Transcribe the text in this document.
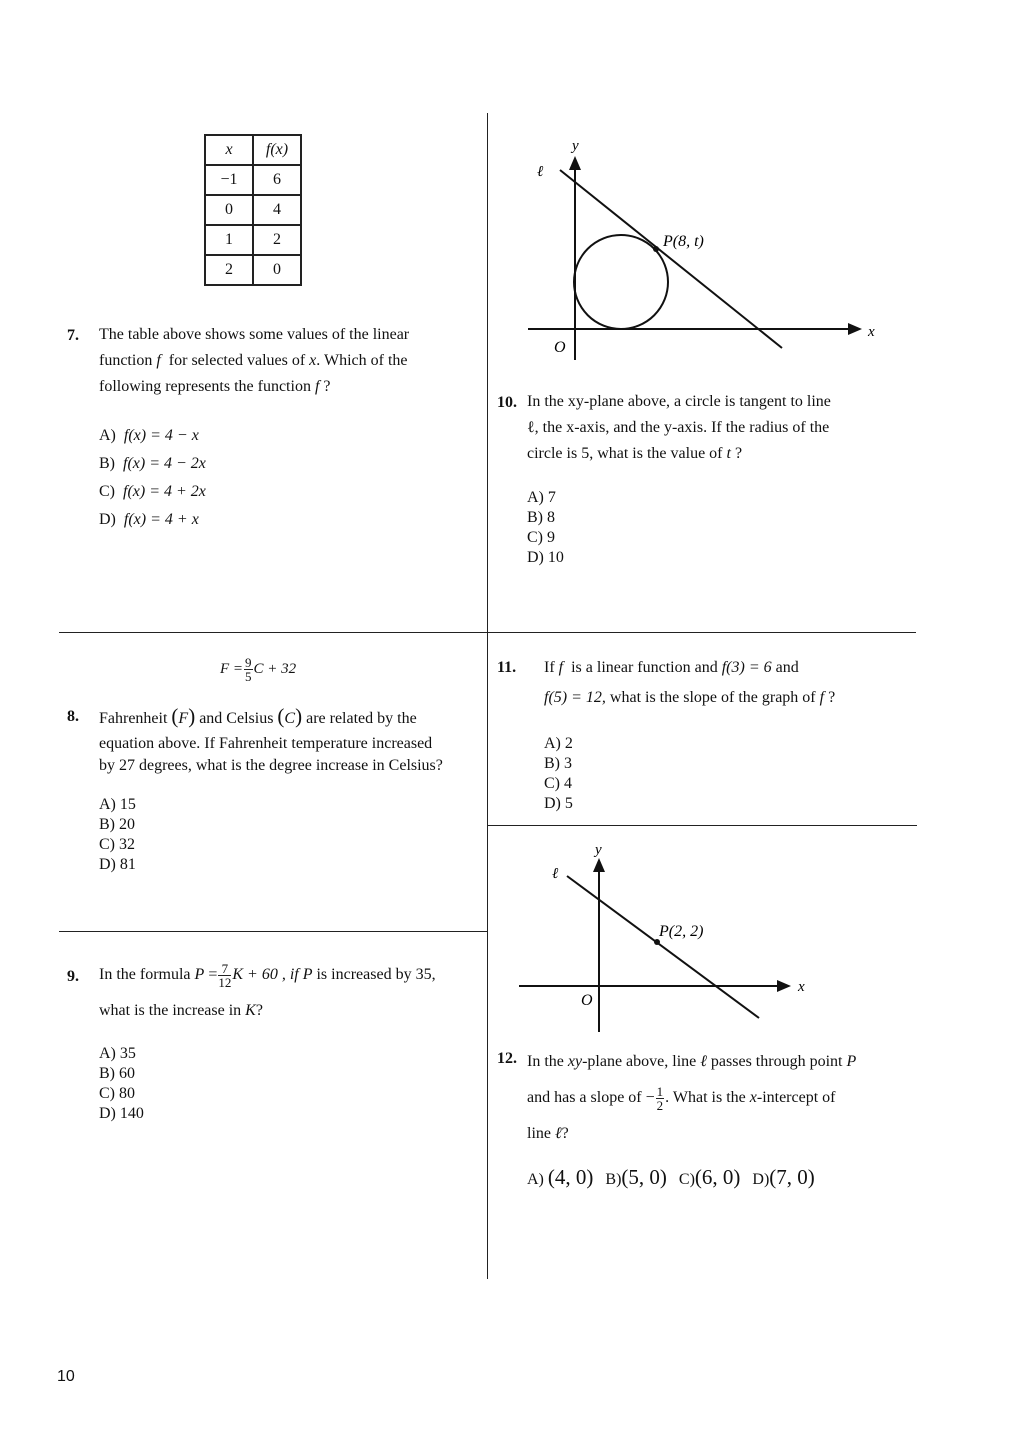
x	f(x)
−1	6
0	4
1	2
2	0
7. The table above shows some values of the linear
function f for selected values of x. Which of the
following represents the function f ?
A) f(x) = 4 − x
B) f(x) = 4 − 2x
C) f(x) = 4 + 2x
D) f(x) = 4 + x
y
ℓ
P(8, t)
x
O
10. In the xy-plane above, a circle is tangent to line
ℓ, the x-axis, and the y-axis. If the radius of the
circle is 5, what is the value of t ?
A) 7
B) 8
C) 9
D) 10
$F = \frac{9}{5}$ C + 32
8. Fahrenheit (F) and Celsius (C) are related by the
equation above. If Fahrenheit temperature increased
by 27 degrees, what is the degree increase in Celsius?
A) 15
B) 20
C) 32
D) 81
11. If f is a linear function and f(3) = 6 and
f(5) = 12, what is the slope of the graph of f ?
A) 2
B) 3
C) 4
D) 5
y
ℓ
P(2, 2)
x
O
9. In the formula $P = \frac{7}{12}$ K + 60 , if P is increased by 35,
what is the increase in K?
A) 35
B) 60
C) 80
D) 140
12. In the xy-plane above, line ℓ passes through point P
and has a slope of − $\frac{1}{2}$ . What is the x-intercept of
line ℓ?
A) (4, 0) B)(5, 0) C)(6, 0) D)(7, 0)
10
